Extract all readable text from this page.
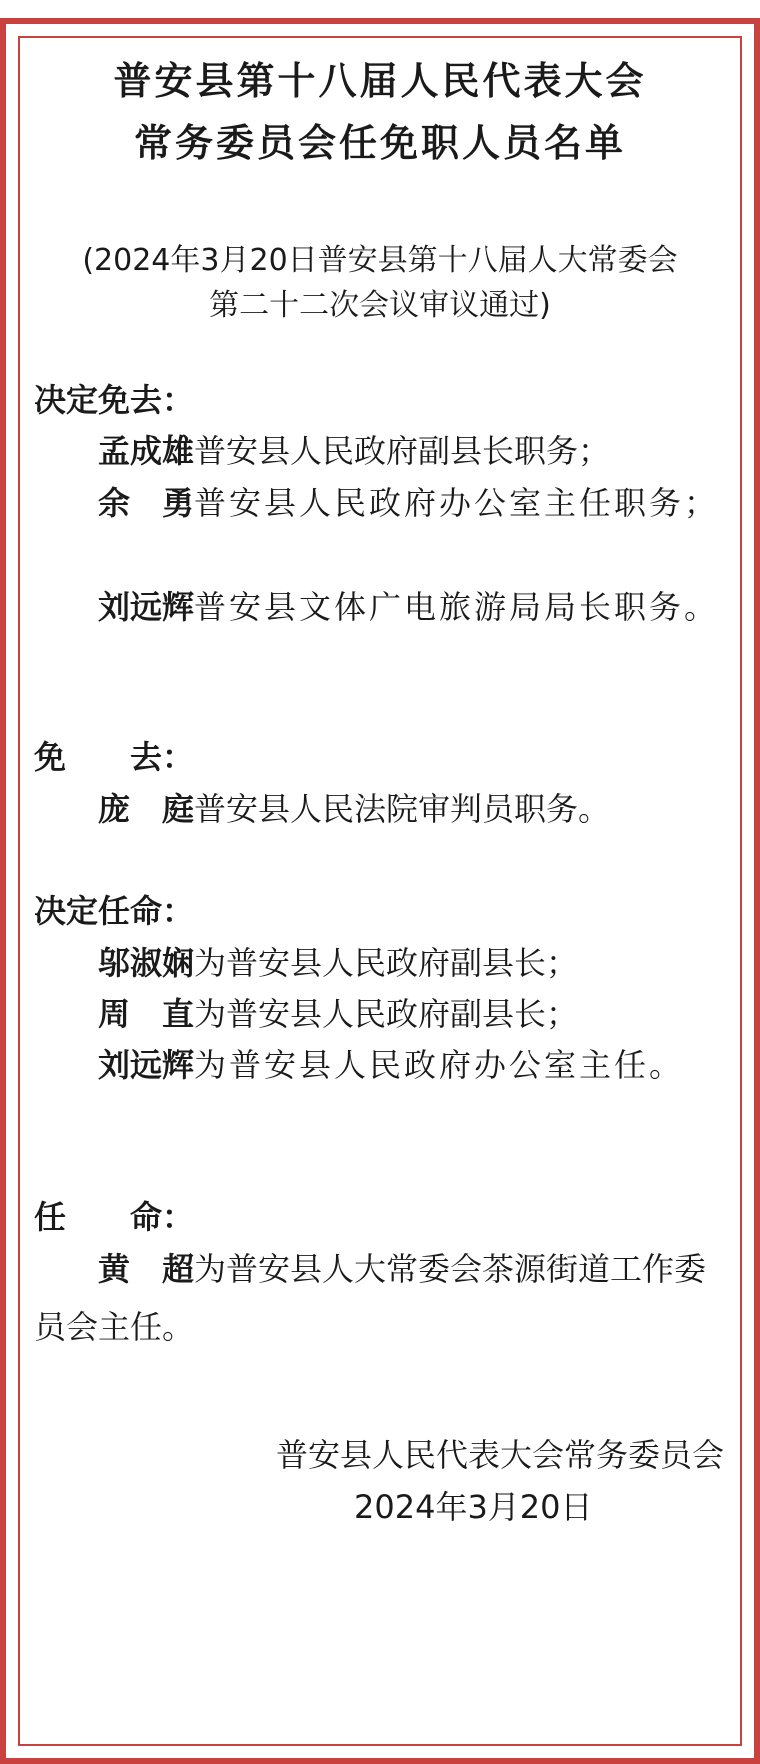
普安县第十八届人民代表大会
常务委员会任免职人员名单
(2024年3月20日普安县第十八届人大常委会
第二十二次会议审议通过)
决定免去：
孟成雄普安县人民政府副县长职务；
余　勇普安县人民政府办公室主任职务；
刘远辉普安县文体广电旅游局局长职务。
免　　去：
庞　庭普安县人民法院审判员职务。
决定任命：
邬淑娴为普安县人民政府副县长；
周　直为普安县人民政府副县长；
刘远辉为普安县人民政府办公室主任。
任　　命：
黄　超为普安县人大常委会茶源街道工作委员会主任。
普安县人民代表大会常务委员会
2024年3月20日
